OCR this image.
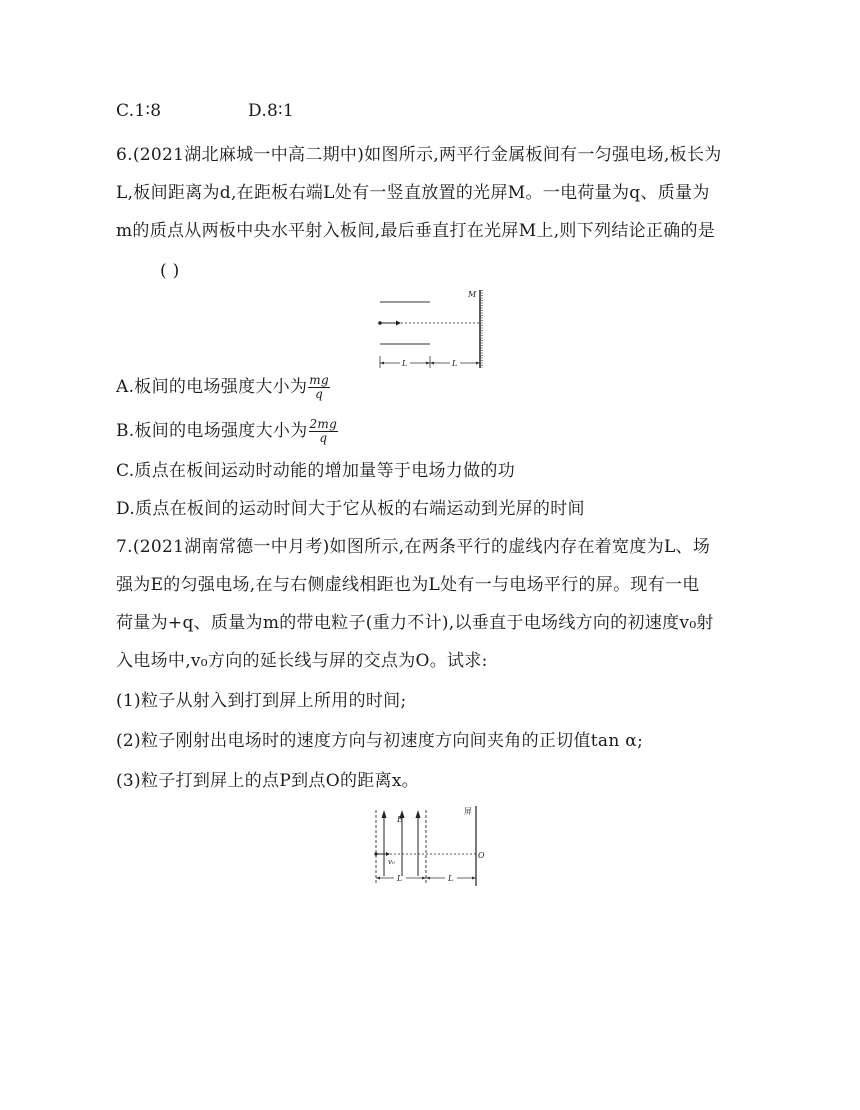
C.1∶8	D.8∶1
6.(2021湖北麻城一中高二期中)如图所示,两平行金属板间有一匀强电场,板长为
L,板间距离为d,在距板右端L处有一竖直放置的光屏M。一电荷量为q、质量为
m的质点从两板中央水平射入板间,最后垂直打在光屏M上,则下列结论正确的是
( )
M
L	L
A.板间的电场强度大小为 $\frac{mg}{q}$
B.板间的电场强度大小为 $\frac{2mg}{q}$
C.质点在板间运动时动能的增加量等于电场力做的功
D.质点在板间的运动时间大于它从板的右端运动到光屏的时间
7.(2021湖南常德一中月考)如图所示,在两条平行的虚线内存在着宽度为L、场
强为E的匀强电场,在与右侧虚线相距也为L处有一与电场平行的屏。现有一电
荷量为+q、质量为m的带电粒子(重力不计),以垂直于电场线方向的初速度v₀射
入电场中,v₀方向的延长线与屏的交点为O。试求:
(1)粒子从射入到打到屏上所用的时间;
(2)粒子刚射出电场时的速度方向与初速度方向间夹角的正切值tan α;
(3)粒子打到屏上的点P到点O的距离x。
E
v₀
屏
O
L	L
